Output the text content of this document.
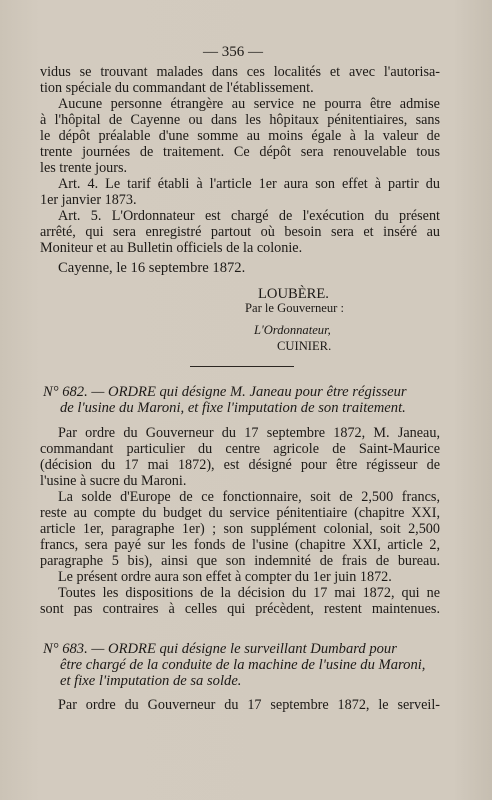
— 356 —
vidus se trouvant malades dans ces localités et avec l'autorisa-
tion spéciale du commandant de l'établissement.
Aucune personne étrangère au service ne pourra être admise
à l'hôpital de Cayenne ou dans les hôpitaux pénitentiaires, sans
le dépôt préalable d'une somme au moins égale à la valeur de
trente journées de traitement. Ce dépôt sera renouvelable tous
les trente jours.
Art. 4. Le tarif établi à l'article 1er aura son effet à partir du
1er janvier 1873.
Art. 5. L'Ordonnateur est chargé de l'exécution du présent
arrêté, qui sera enregistré partout où besoin sera et inséré au
Moniteur et au Bulletin officiels de la colonie.
Cayenne, le 16 septembre 1872.
LOUBÈRE.
Par le Gouverneur :
L'Ordonnateur,
CUINIER.
N° 682. — ORDRE qui désigne M. Janeau pour être régisseur
de l'usine du Maroni, et fixe l'imputation de son traitement.
Par ordre du Gouverneur du 17 septembre 1872, M. Janeau,
commandant particulier du centre agricole de Saint-Maurice
(décision du 17 mai 1872), est désigné pour être régisseur de
l'usine à sucre du Maroni.
La solde d'Europe de ce fonctionnaire, soit de 2,500 francs,
reste au compte du budget du service pénitentiaire (chapitre XXI,
article 1er, paragraphe 1er) ; son supplément colonial, soit 2,500
francs, sera payé sur les fonds de l'usine (chapitre XXI, article 2,
paragraphe 5 bis), ainsi que son indemnité de frais de bureau.
Le présent ordre aura son effet à compter du 1er juin 1872.
Toutes les dispositions de la décision du 17 mai 1872, qui ne
sont pas contraires à celles qui précèdent, restent maintenues.
N° 683. — ORDRE qui désigne le surveillant Dumbard pour
être chargé de la conduite de la machine de l'usine du Maroni,
et fixe l'imputation de sa solde.
Par ordre du Gouverneur du 17 septembre 1872, le serveil-
